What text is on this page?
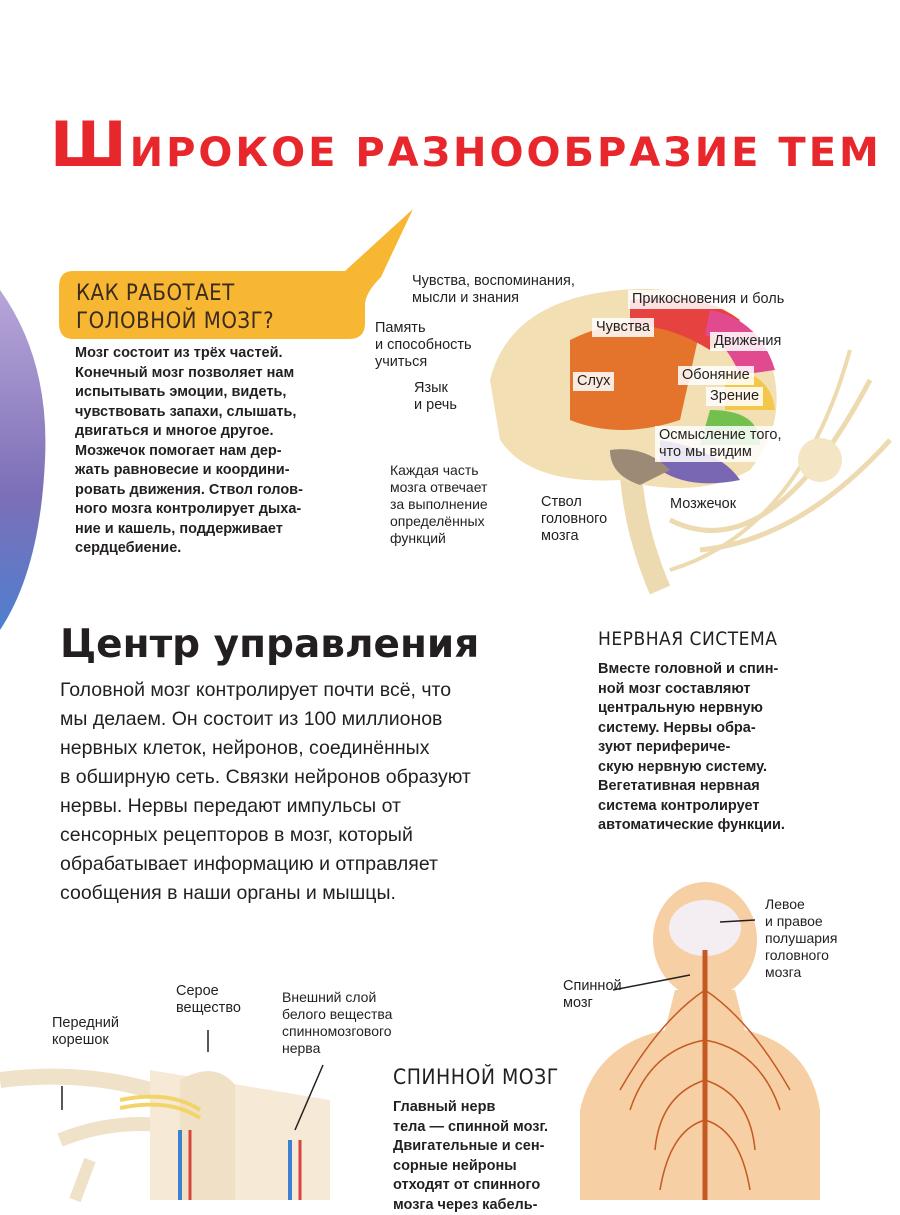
ШИРОКОЕ РАЗНООБРАЗИЕ ТЕМ
КАК РАБОТАЕТ
ГОЛОВНОЙ МОЗГ?
Мозг состоит из трёх частей.
Конечный мозг позволяет нам
испытывать эмоции, видеть,
чувствовать запахи, слышать,
двигаться и многое другое.
Мозжечок помогает нам дер-
жать равновесие и координи-
ровать движения. Ствол голов-
ного мозга контролирует дыха-
ние и кашель, поддерживает
сердцебиение.
Чувства, воспоминания,
мысли и знания	Прикосновения и боль
Память
и способность
учиться
Чувства
Движения
Язык
и речь
Слух	Обоняние
Зрение
Осмысление того,
что мы видим
Каждая часть
мозга отвечает
за выполнение
определённых
функций
Ствол
головного
мозга
Мозжечок
Центр управления
Головной мозг контролирует почти всё, что
мы делаем. Он состоит из 100 миллионов
нервных клеток, нейронов, соединённых
в обширную сеть. Связки нейронов образуют
нервы. Нервы передают импульсы от
сенсорных рецепторов в мозг, который
обрабатывает информацию и отправляет
сообщения в наши органы и мышцы.
НЕРВНАЯ СИСТЕМА
Вместе головной и спин-
ной мозг составляют
центральную нервную
систему. Нервы обра-
зуют перифериче-
скую нервную систему.
Вегетативная нервная
система контролирует
автоматические функции.
Передний
корешок
Серое
вещество
Внешний слой
белого вещества
спинномозгового
нерва
СПИННОЙ МОЗГ
Главный нерв
тела — спинной мозг.
Двигательные и сен-
сорные нейроны
отходят от спинного
мозга через кабель-
Спинной
мозг
Левое
и правое
полушария
головного
мозга
